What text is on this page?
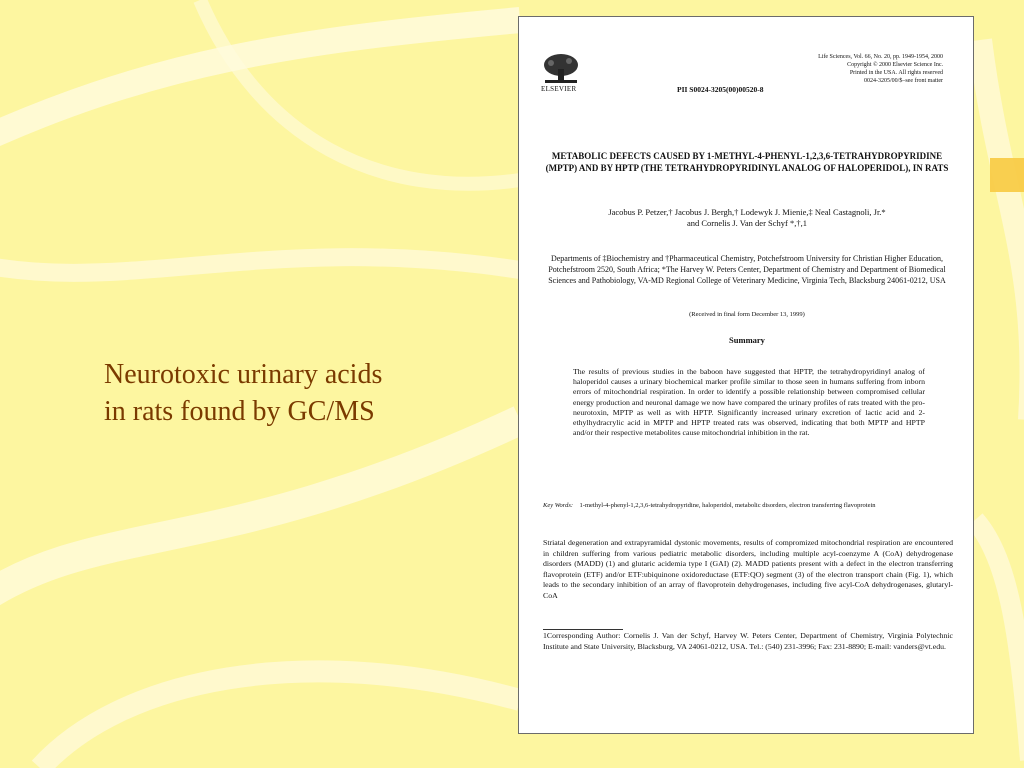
Neurotoxic urinary acids
in rats found by GC/MS
ELSEVIER
Life Sciences, Vol. 66, No. 20, pp. 1949-1954, 2000
Copyright © 2000 Elsevier Science Inc.
Printed in the USA. All rights reserved
0024-3205/00/$–see front matter
PII S0024-3205(00)00520-8
METABOLIC DEFECTS CAUSED BY 1-METHYL-4-PHENYL-1,2,3,6-TETRAHYDROPYRIDINE (MPTP) AND BY HPTP (THE TETRAHYDROPYRIDINYL ANALOG OF HALOPERIDOL), IN RATS
Jacobus P. Petzer,† Jacobus J. Bergh,† Lodewyk J. Mienie,‡ Neal Castagnoli, Jr.*
and Cornelis J. Van der Schyf *,†,1
Departments of ‡Biochemistry and †Pharmaceutical Chemistry, Potchefstroom University for Christian Higher Education, Potchefstroom 2520, South Africa; *The Harvey W. Peters Center, Department of Chemistry and Department of Biomedical Sciences and Pathobiology, VA-MD Regional College of Veterinary Medicine, Virginia Tech, Blacksburg 24061-0212, USA
(Received in final form December 13, 1999)
Summary
The results of previous studies in the baboon have suggested that HPTP, the tetrahydropyridinyl analog of haloperidol causes a urinary biochemical marker profile similar to those seen in humans suffering from inborn errors of mitochondrial respiration. In order to identify a possible relationship between compromised cellular energy production and neuronal damage we now have compared the urinary profiles of rats treated with the pro-neurotoxin, MPTP as well as with HPTP. Significantly increased urinary excretion of lactic acid and 2-ethylhydracrylic acid in MPTP and HPTP treated rats was observed, indicating that both MPTP and HPTP and/or their respective metabolites cause mitochondrial inhibition in the rat.
Key Words: 1-methyl-4-phenyl-1,2,3,6-tetrahydropyridine, haloperidol, metabolic disorders, electron transferring flavoprotein
Striatal degeneration and extrapyramidal dystonic movements, results of compromized mitochondrial respiration are encountered in children suffering from various pediatric metabolic disorders, including multiple acyl-coenzyme A (CoA) dehydrogenase disorders (MADD) (1) and glutaric acidemia type I (GAI) (2). MADD patients present with a defect in the electron transferring flavoprotein (ETF) and/or ETF:ubiquinone oxidoreductase (ETF:QO) segment (3) of the electron transport chain (Fig. 1), which leads to the secondary inhibition of an array of flavoprotein dehydrogenases, including five acyl-CoA dehydrogenases, glutaryl-CoA
1Corresponding Author: Cornelis J. Van der Schyf, Harvey W. Peters Center, Department of Chemistry, Virginia Polytechnic Institute and State University, Blacksburg, VA 24061-0212, USA. Tel.: (540) 231-3996; Fax: 231-8890; E-mail: vanders@vt.edu.
